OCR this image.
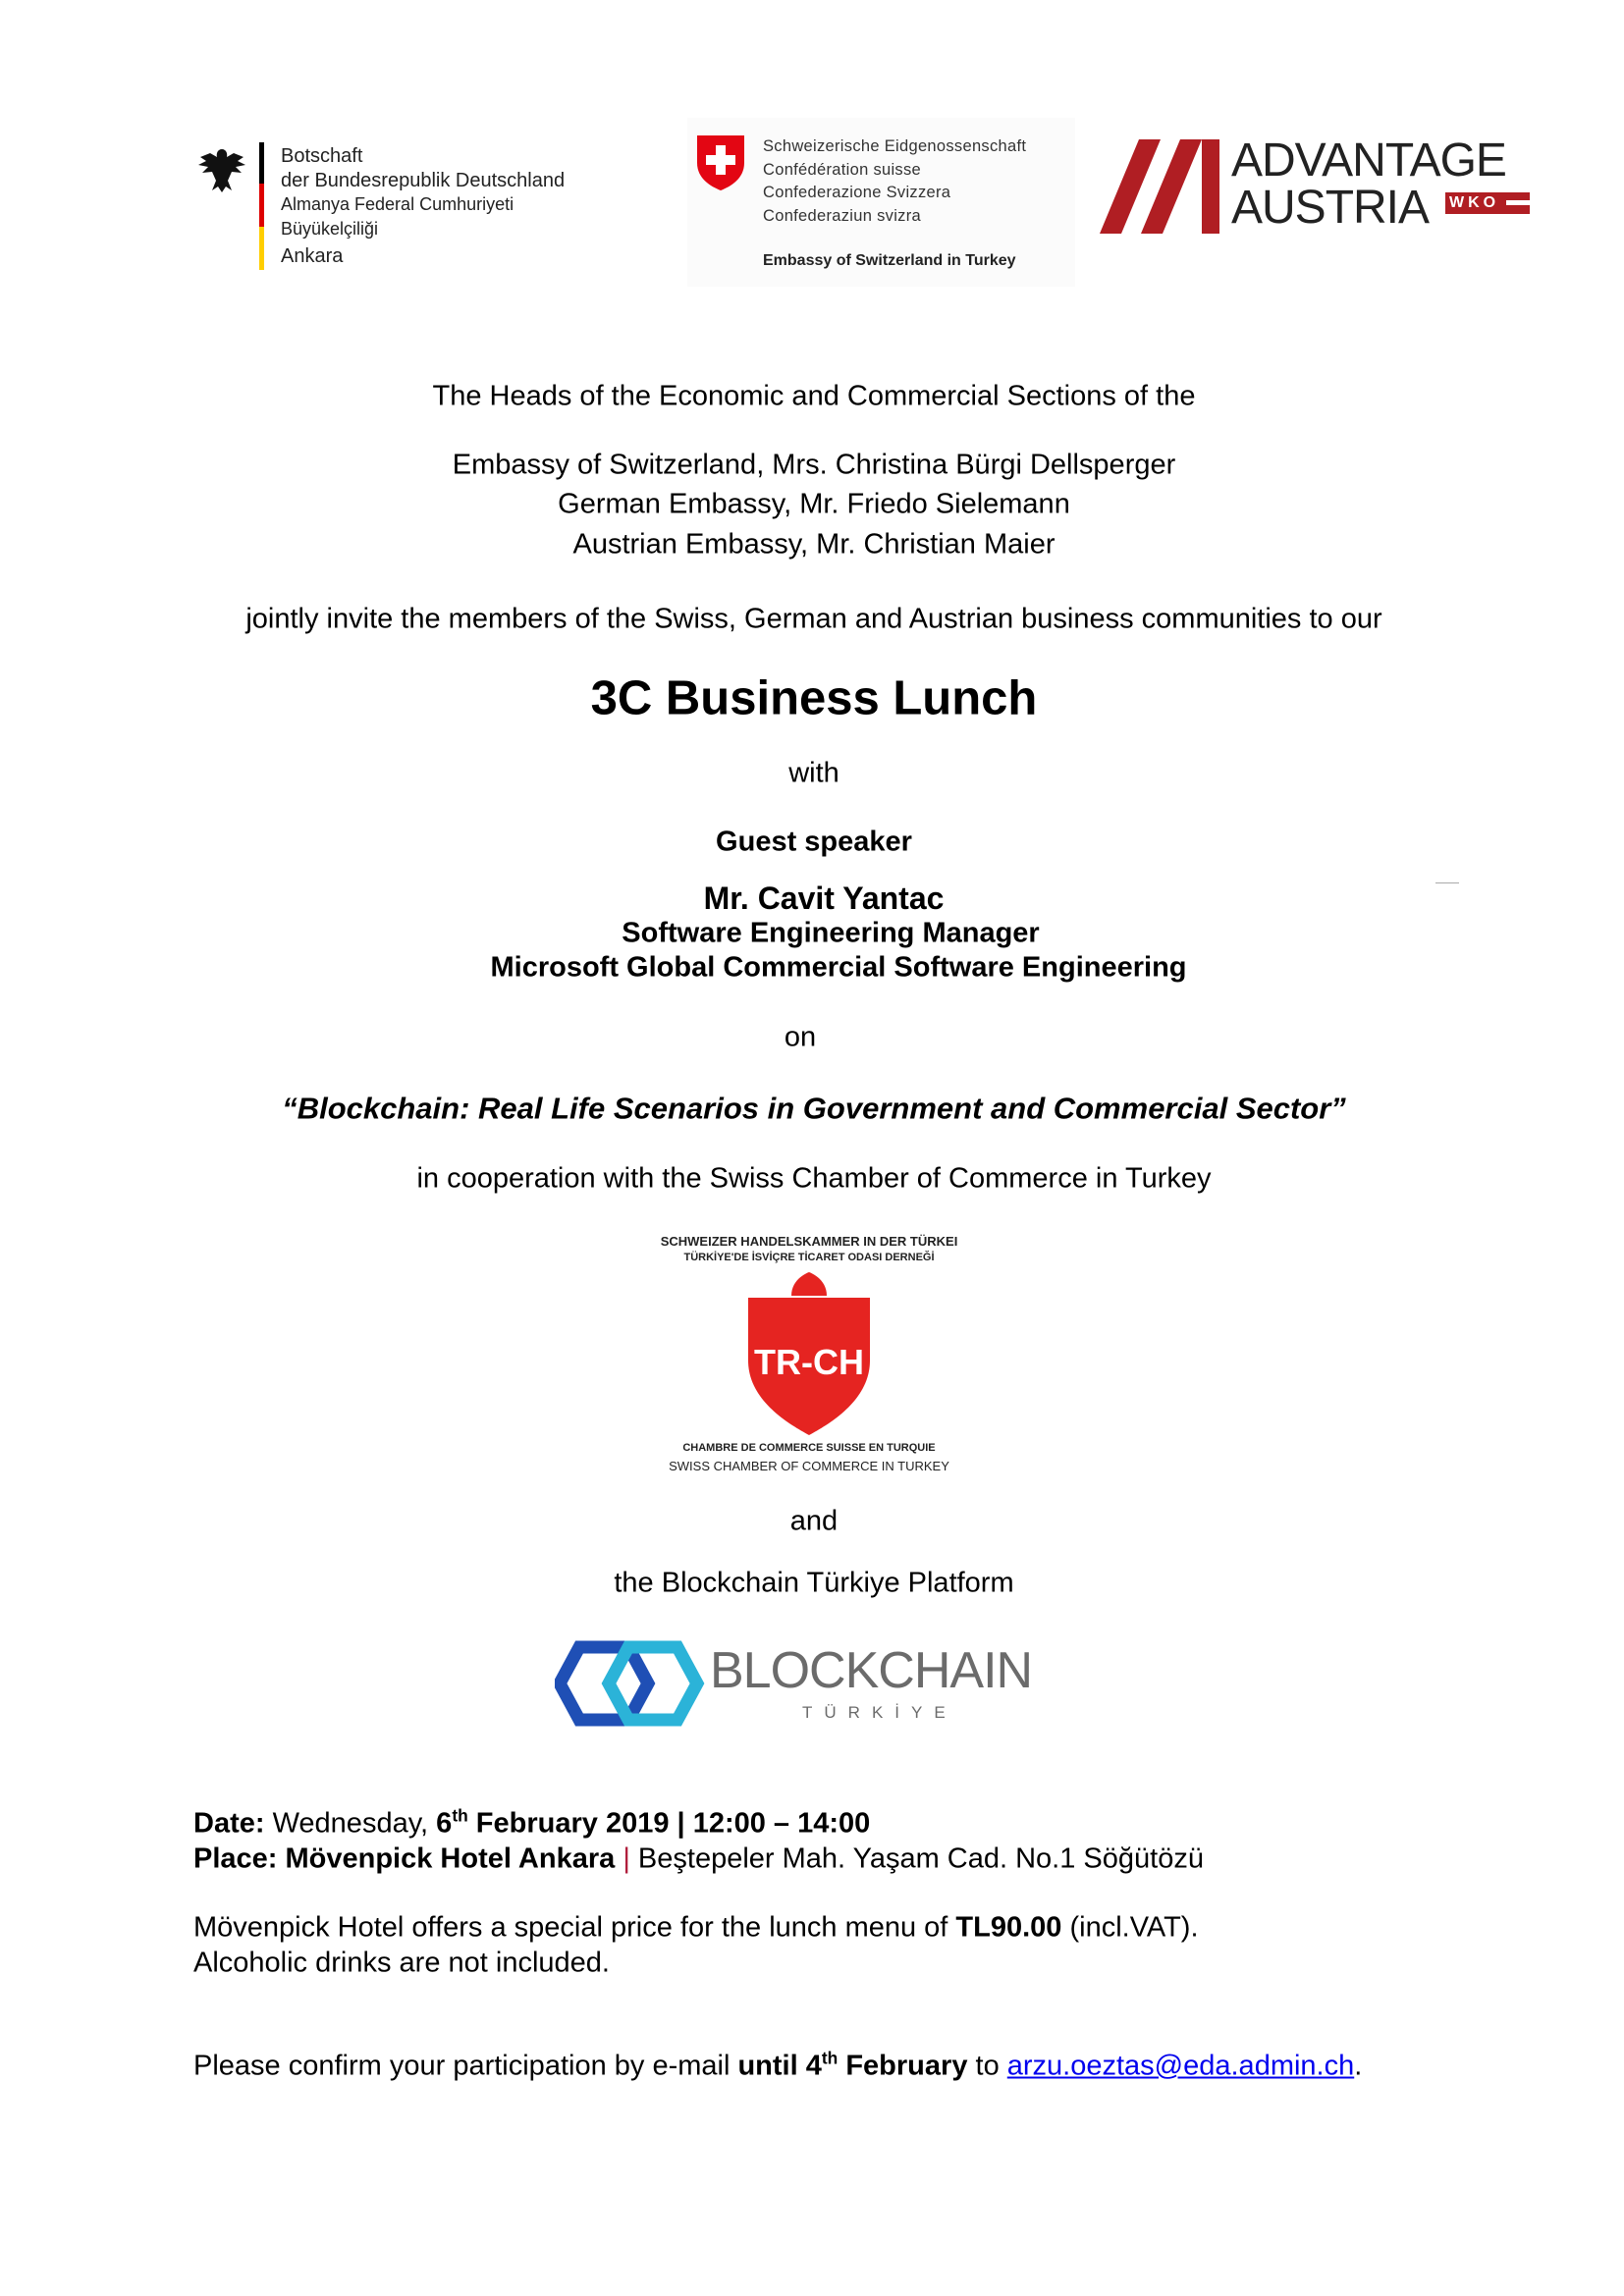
Botschaft
der Bundesrepublik Deutschland
Almanya Federal Cumhuriyeti
Büyükelçiliği
Ankara
Schweizerische Eidgenossenschaft
Confédération suisse
Confederazione Svizzera
Confederaziun svizra
Embassy of Switzerland in Turkey
ADVANTAGE
AUSTRIA WKO
The Heads of the Economic and Commercial Sections of the
Embassy of Switzerland, Mrs. Christina Bürgi Dellsperger
German Embassy, Mr. Friedo Sielemann
Austrian Embassy, Mr. Christian Maier
jointly invite the members of the Swiss, German and Austrian business communities to our
3C Business Lunch
with
Guest speaker
Mr. Cavit Yantac
Software Engineering Manager
Microsoft Global Commercial Software Engineering
on
“Blockchain: Real Life Scenarios in Government and Commercial Sector”
in cooperation with the Swiss Chamber of Commerce in Turkey
SCHWEIZER HANDELSKAMMER IN DER TÜRKEI
TÜRKİYE'DE İSVİÇRE TİCARET ODASI DERNEĞİ
TR-CH
CHAMBRE DE COMMERCE SUISSE EN TURQUIE
SWISS CHAMBER OF COMMERCE IN TURKEY
and
the Blockchain Türkiye Platform
BLOCKCHAIN
TÜRKİYE
Date: Wednesday, 6th February 2019 | 12:00 – 14:00
Place: Mövenpick Hotel Ankara | Beştepeler Mah. Yaşam Cad. No.1 Söğütözü
Mövenpick Hotel offers a special price for the lunch menu of TL90.00 (incl.VAT).
Alcoholic drinks are not included.
Please confirm your participation by e-mail until 4th February to arzu.oeztas@eda.admin.ch.
